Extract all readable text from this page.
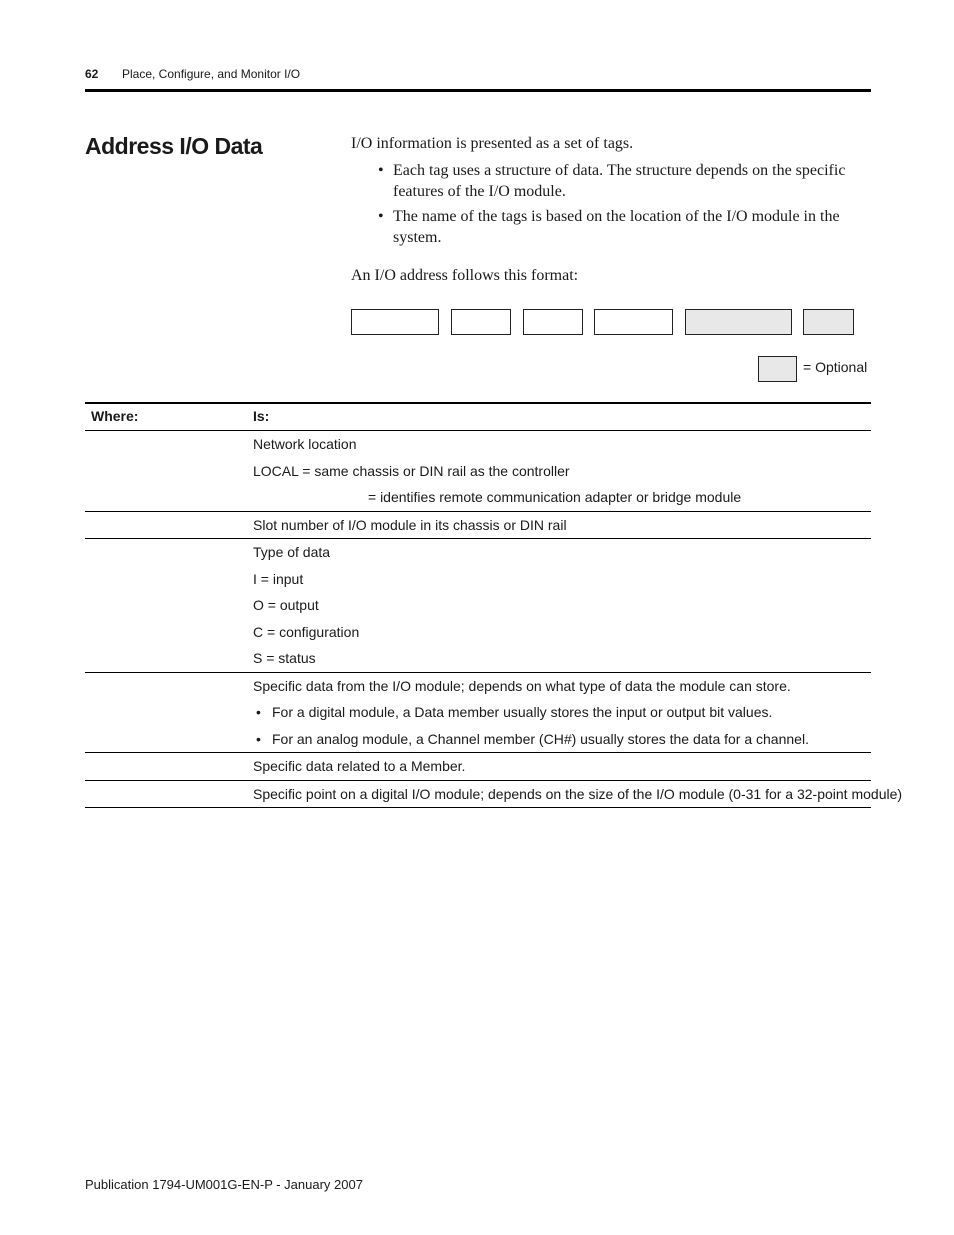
62 Place, Configure, and Monitor I/O
Address I/O Data	I/O information is presented as a set of tags.
• Each tag uses a structure of data. The structure depends on the specific features of the I/O module.
• The name of the tags is based on the location of the I/O module in the system.
An I/O address follows this format:
= Optional
Where:	Is:
Network location
LOCAL = same chassis or DIN rail as the controller
= identifies remote communication adapter or bridge module
Slot number of I/O module in its chassis or DIN rail
Type of data
I = input
O = output
C = configuration
S = status
Specific data from the I/O module; depends on what type of data the module can store.
• For a digital module, a Data member usually stores the input or output bit values.
• For an analog module, a Channel member (CH#) usually stores the data for a channel.
Specific data related to a Member.
Specific point on a digital I/O module; depends on the size of the I/O module (0-31 for a 32-point module)
Publication 1794-UM001G-EN-P - January 2007
